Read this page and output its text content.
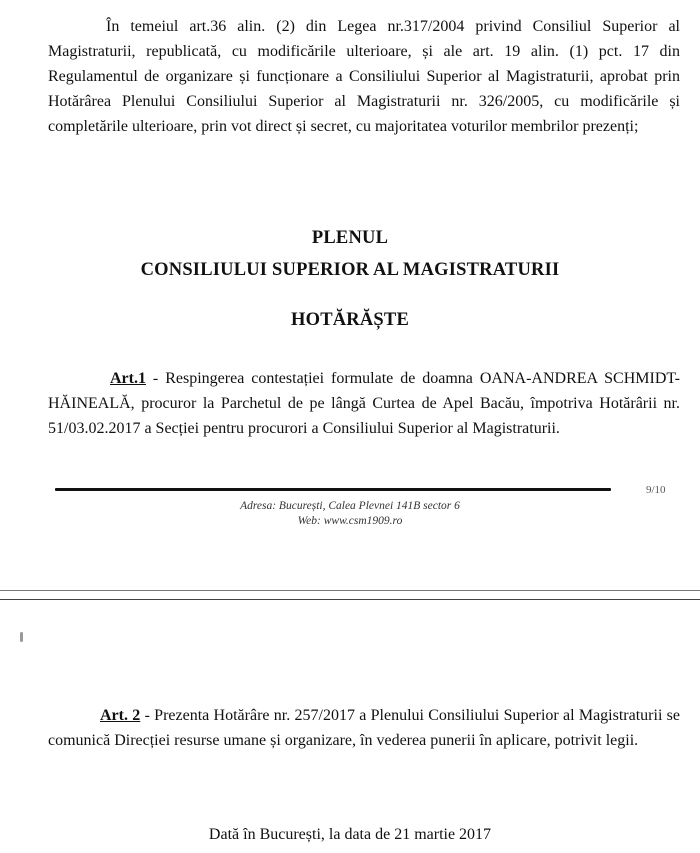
În temeiul art.36 alin. (2) din Legea nr.317/2004 privind Consiliul Superior al Magistraturii, republicată, cu modificările ulterioare, și ale art. 19 alin. (1) pct. 17 din Regulamentul de organizare și funcționare a Consiliului Superior al Magistraturii, aprobat prin Hotărârea Plenului Consiliului Superior al Magistraturii nr. 326/2005, cu modificările și completările ulterioare, prin vot direct și secret, cu majoritatea voturilor membrilor prezenți;

PLENUL
CONSILIULUI SUPERIOR AL MAGISTRATURII
HOTĂRĂȘTE

Art.1 - Respingerea contestației formulate de doamna OANA-ANDREA SCHMIDT-HĂINEALĂ, procuror la Parchetul de pe lângă Curtea de Apel Bacău, împotriva Hotărârii nr. 51/03.02.2017 a Secției pentru procurori a Consiliului Superior al Magistraturii.

9/10
Adresa: București, Calea Plevnei 141B sector 6
Web: www.csm1909.ro

Art. 2 - Prezenta Hotărâre nr. 257/2017 a Plenului Consiliului Superior al Magistraturii se comunică Direcției resurse umane și organizare, în vederea punerii în aplicare, potrivit legii.

Dată în București, la data de 21 martie 2017
